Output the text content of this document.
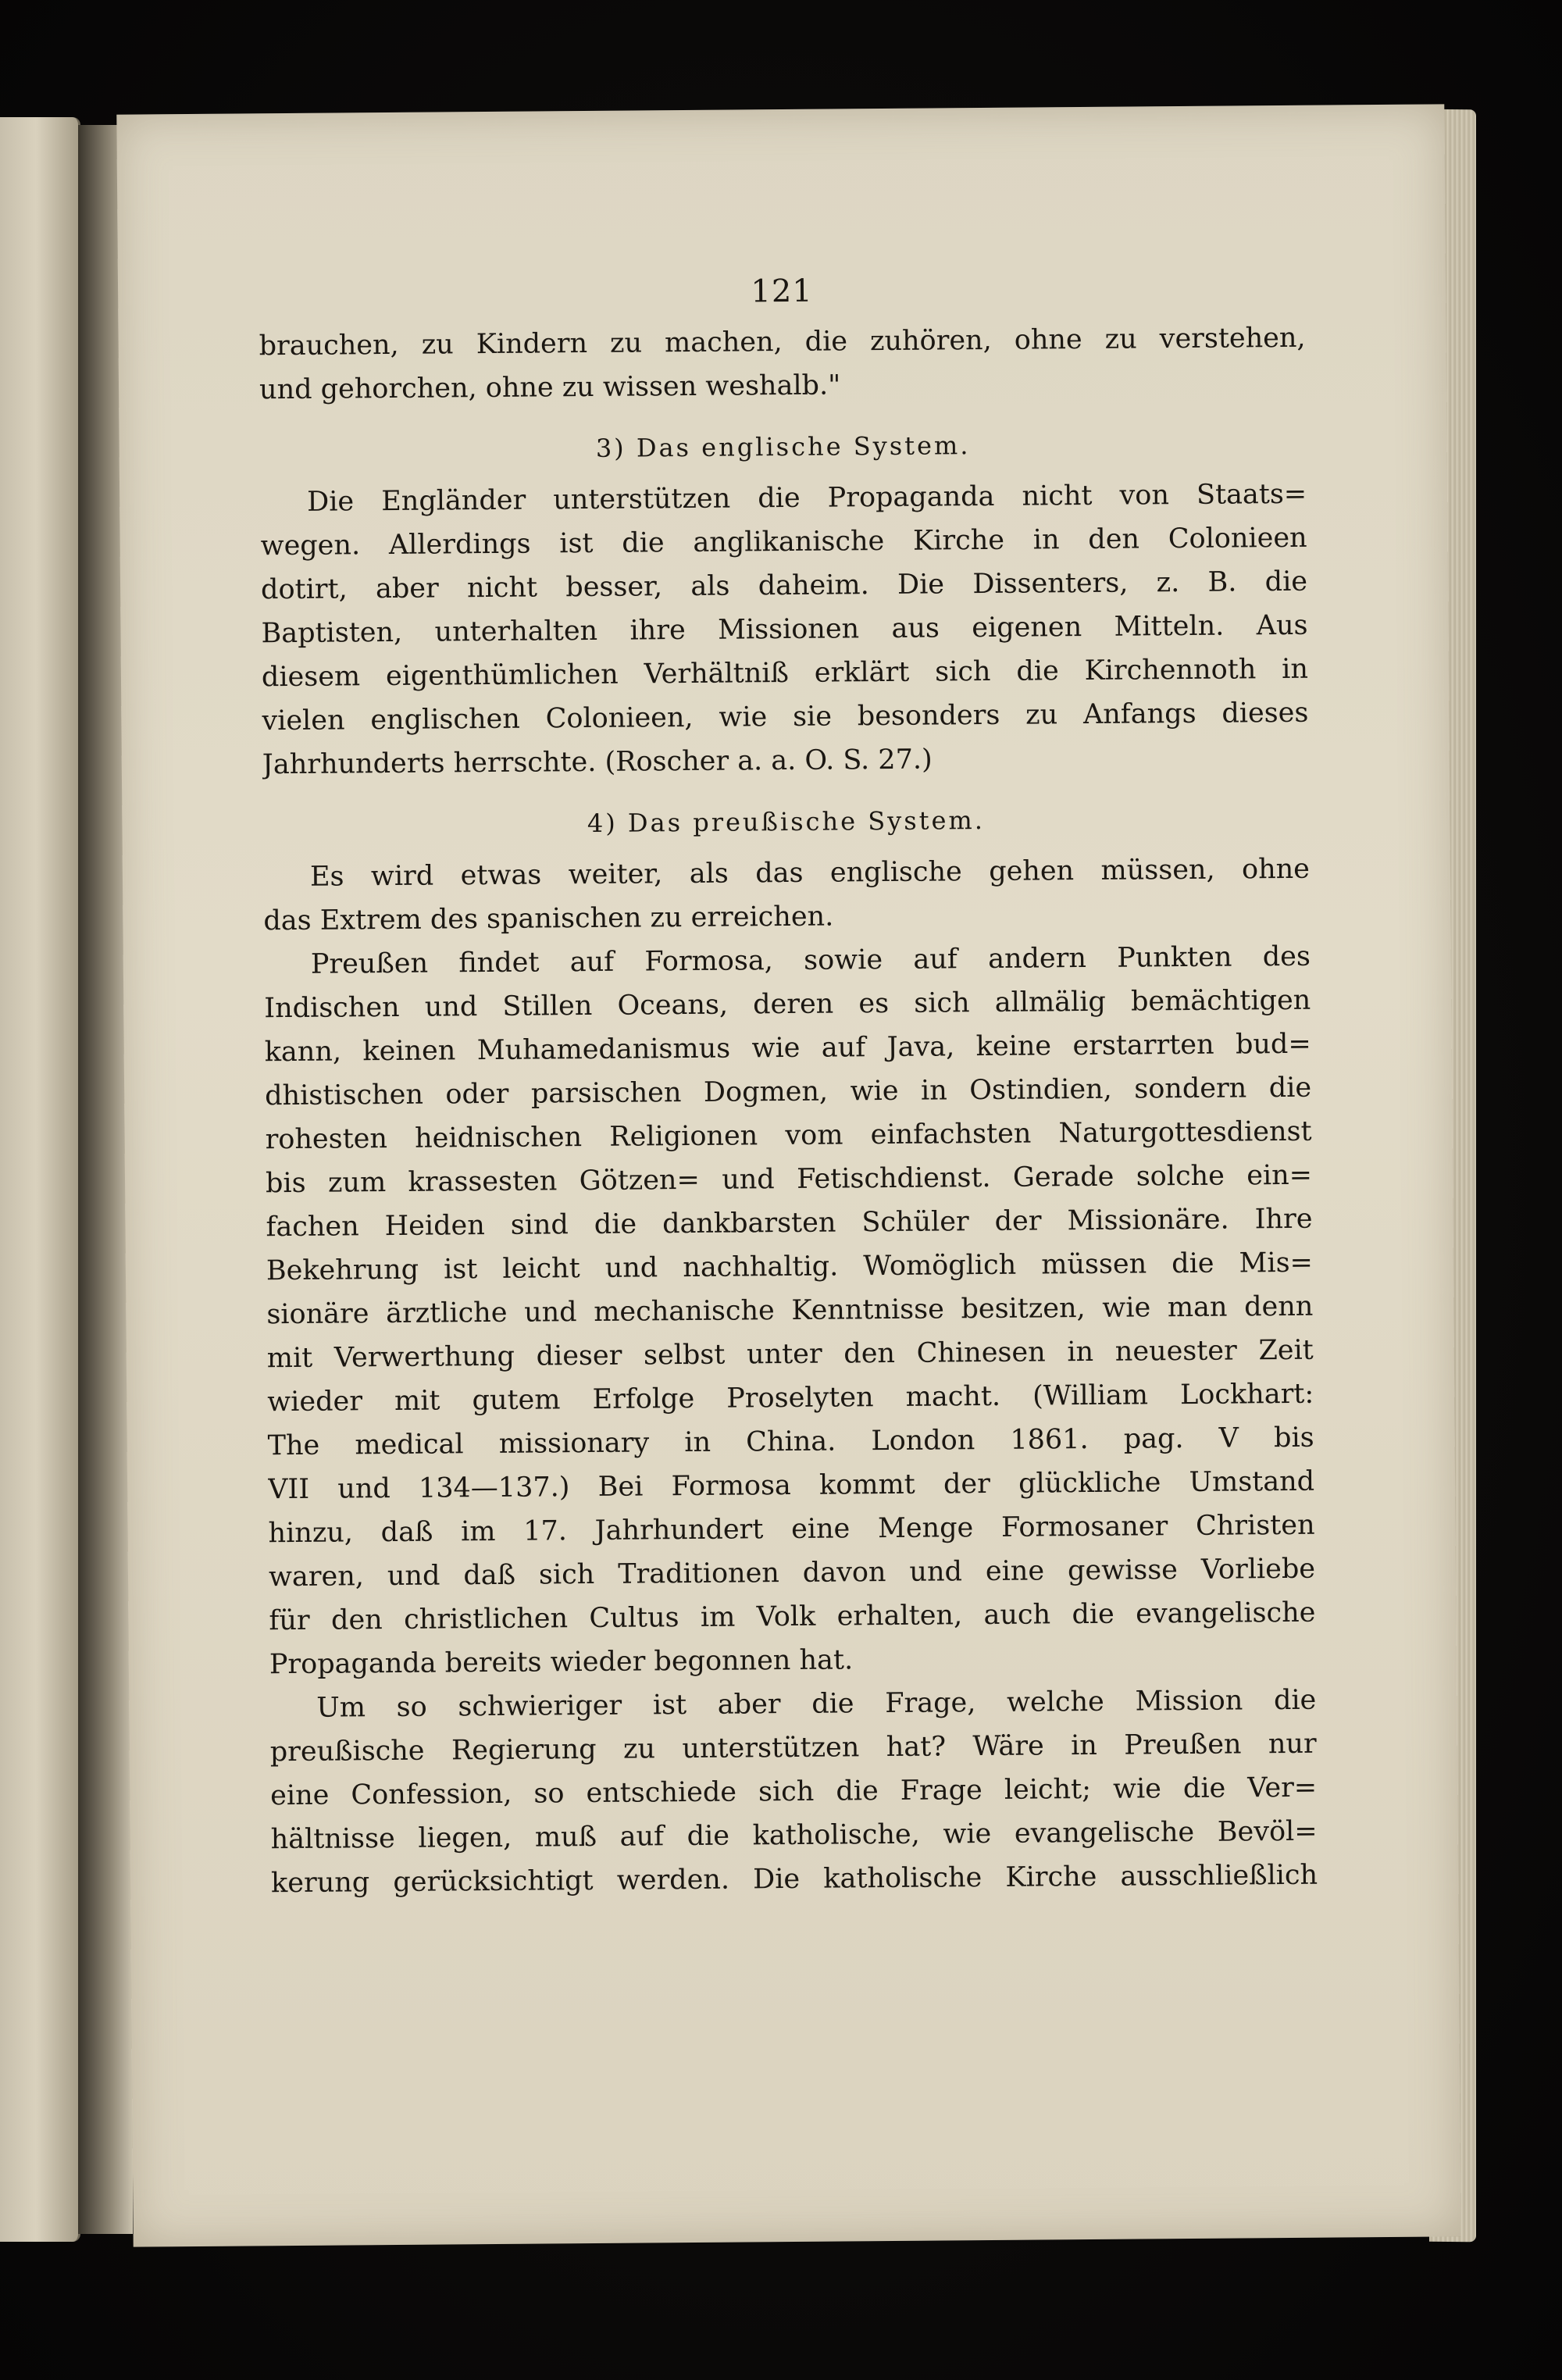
121
brauchen, zu Kindern zu machen, die zuhören, ohne zu verstehen,
und gehorchen, ohne zu wissen weshalb."
3) Das englische System.
Die Engländer unterstützen die Propaganda nicht von Staats=
wegen. Allerdings ist die anglikanische Kirche in den Colonieen
dotirt, aber nicht besser, als daheim. Die Dissenters, z. B. die
Baptisten, unterhalten ihre Missionen aus eigenen Mitteln. Aus
diesem eigenthümlichen Verhältniß erklärt sich die Kirchennoth in
vielen englischen Colonieen, wie sie besonders zu Anfangs dieses
Jahrhunderts herrschte. (Roscher a. a. O. S. 27.)
4) Das preußische System.
Es wird etwas weiter, als das englische gehen müssen, ohne
das Extrem des spanischen zu erreichen.
Preußen findet auf Formosa, sowie auf andern Punkten des
Indischen und Stillen Oceans, deren es sich allmälig bemächtigen
kann, keinen Muhamedanismus wie auf Java, keine erstarrten bud=
dhistischen oder parsischen Dogmen, wie in Ostindien, sondern die
rohesten heidnischen Religionen vom einfachsten Naturgottesdienst
bis zum krassesten Götzen= und Fetischdienst. Gerade solche ein=
fachen Heiden sind die dankbarsten Schüler der Missionäre. Ihre
Bekehrung ist leicht und nachhaltig. Womöglich müssen die Mis=
sionäre ärztliche und mechanische Kenntnisse besitzen, wie man denn
mit Verwerthung dieser selbst unter den Chinesen in neuester Zeit
wieder mit gutem Erfolge Proselyten macht. (William Lockhart:
The medical missionary in China. London 1861. pag. V bis
VII und 134—137.) Bei Formosa kommt der glückliche Umstand
hinzu, daß im 17. Jahrhundert eine Menge Formosaner Christen
waren, und daß sich Traditionen davon und eine gewisse Vorliebe
für den christlichen Cultus im Volk erhalten, auch die evangelische
Propaganda bereits wieder begonnen hat.
Um so schwieriger ist aber die Frage, welche Mission die
preußische Regierung zu unterstützen hat? Wäre in Preußen nur
eine Confession, so entschiede sich die Frage leicht; wie die Ver=
hältnisse liegen, muß auf die katholische, wie evangelische Bevöl=
kerung gerücksichtigt werden. Die katholische Kirche ausschließlich
